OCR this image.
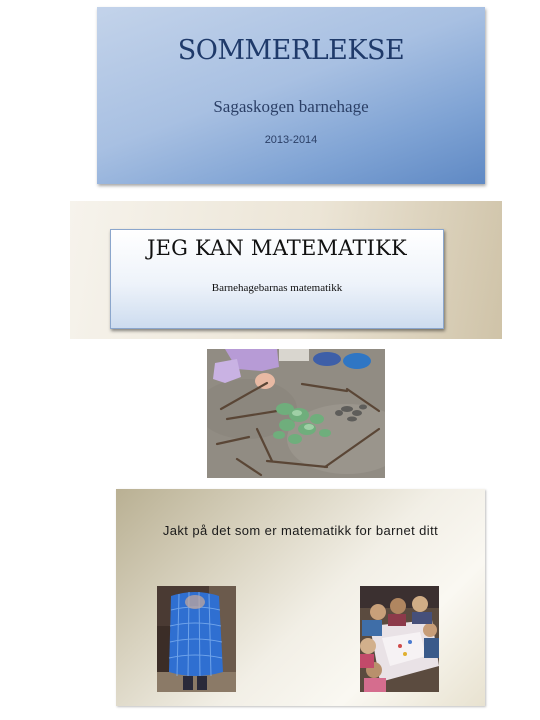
SOMMERLEKSE
Sagaskogen barnehage
2013-2014
JEG KAN MATEMATIKK
Barnehagebarnas matematikk
Jakt på det som er matematikk for barnet ditt
